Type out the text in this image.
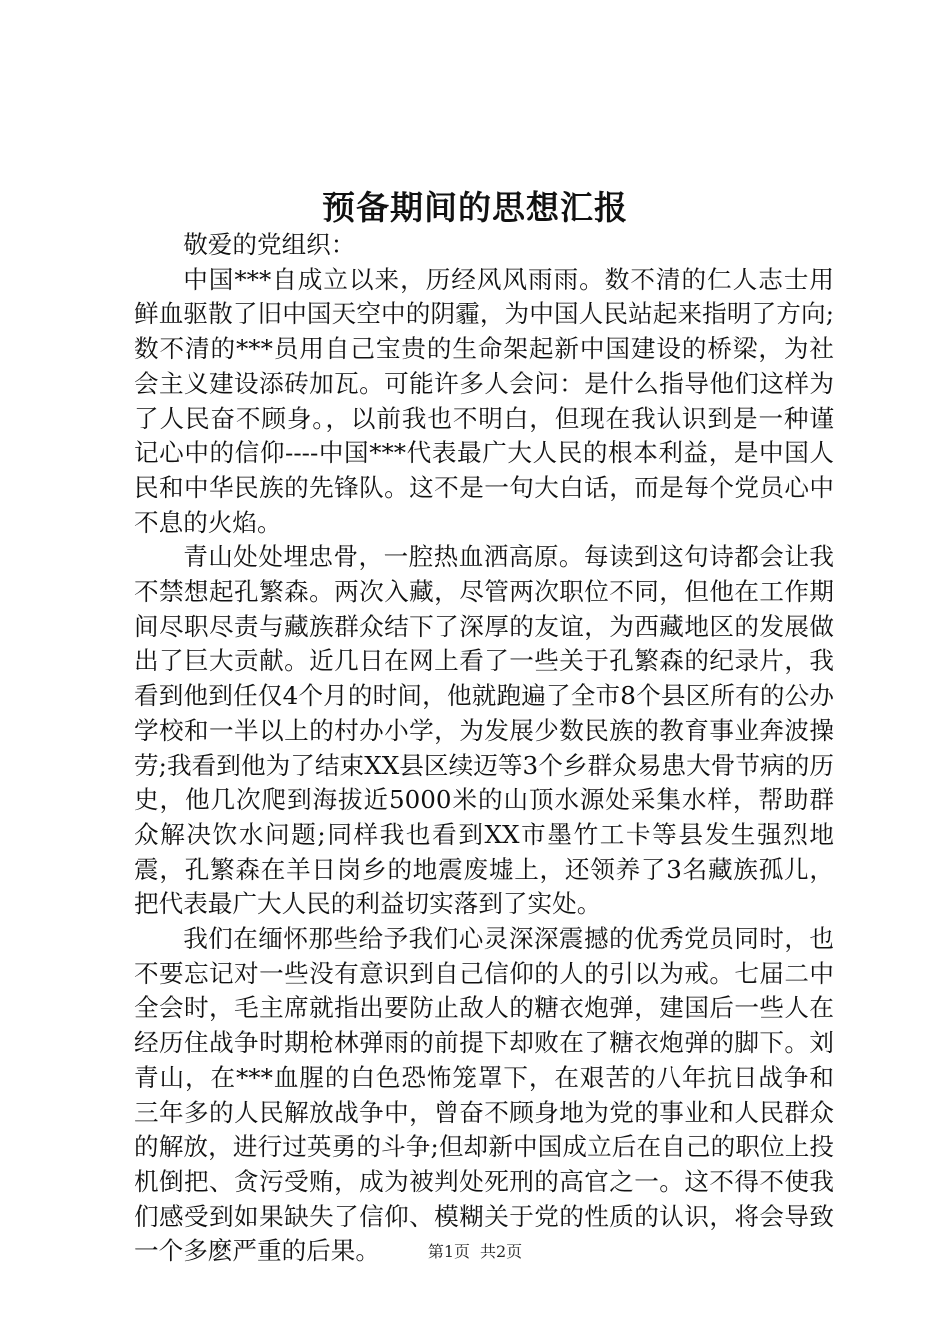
预备期间的思想汇报

敬爱的党组织：

中国***自成立以来，历经风风雨雨。数不清的仁人志士用鲜血驱散了旧中国天空中的阴霾，为中国人民站起来指明了方向;数不清的***员用自己宝贵的生命架起新中国建设的桥梁，为社会主义建设添砖加瓦。可能许多人会问：是什么指导他们这样为了人民奋不顾身。，以前我也不明白，但现在我认识到是一种谨记心中的信仰----中国***代表最广大人民的根本利益，是中国人民和中华民族的先锋队。这不是一句大白话，而是每个党员心中不息的火焰。

青山处处埋忠骨，一腔热血洒高原。每读到这句诗都会让我不禁想起孔繁森。两次入藏，尽管两次职位不同，但他在工作期间尽职尽责与藏族群众结下了深厚的友谊，为西藏地区的发展做出了巨大贡献。近几日在网上看了一些关于孔繁森的纪录片，我看到他到任仅4个月的时间，他就跑遍了全市8个县区所有的公办学校和一半以上的村办小学，为发展少数民族的教育事业奔波操劳;我看到他为了结束XX县区续迈等3个乡群众易患大骨节病的历史，他几次爬到海拔近5000米的山顶水源处采集水样，帮助群众解决饮水问题;同样我也看到XX市墨竹工卡等县发生强烈地震，孔繁森在羊日岗乡的地震废墟上，还领养了3名藏族孤儿，把代表最广大人民的利益切实落到了实处。

我们在缅怀那些给予我们心灵深深震撼的优秀党员同时，也不要忘记对一些没有意识到自己信仰的人的引以为戒。七届二中全会时，毛主席就指出要防止敌人的糖衣炮弹，建国后一些人在经历住战争时期枪林弹雨的前提下却败在了糖衣炮弹的脚下。刘青山，在***血腥的白色恐怖笼罩下，在艰苦的八年抗日战争和三年多的人民解放战争中，曾奋不顾身地为党的事业和人民群众的解放，进行过英勇的斗争;但却新中国成立后在自己的职位上投机倒把、贪污受贿，成为被判处死刑的高官之一。这不得不使我们感受到如果缺失了信仰、模糊关于党的性质的认识，将会导致一个多麽严重的后果。	第1页 共2页
